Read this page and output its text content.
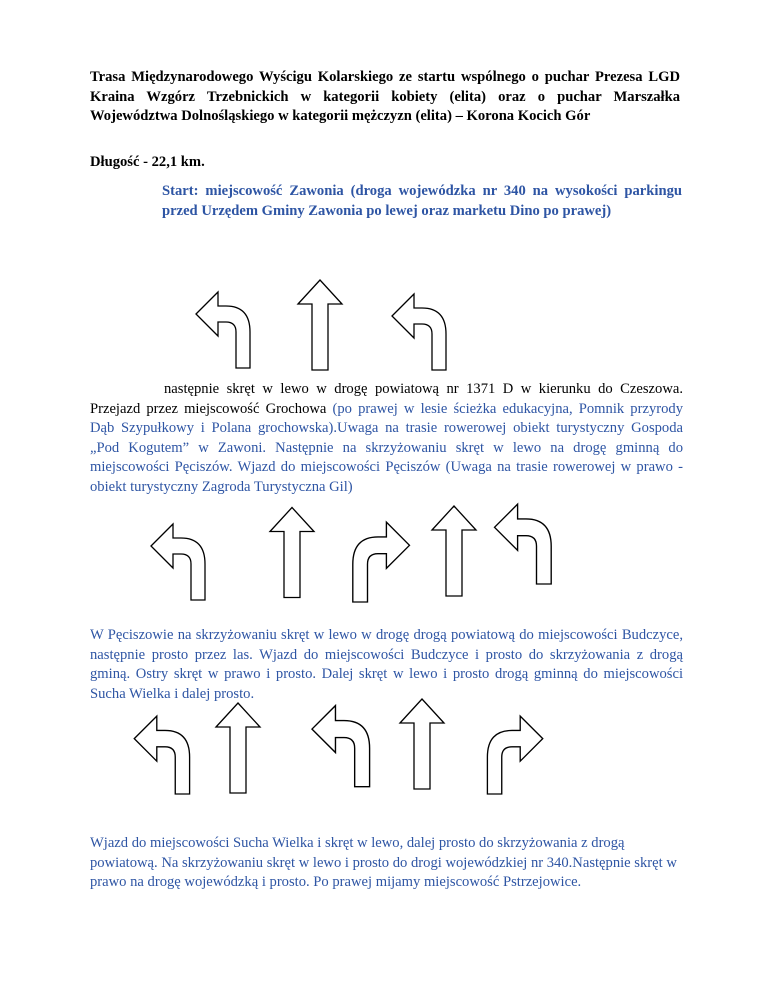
Trasa Międzynarodowego Wyścigu Kolarskiego ze startu wspólnego o puchar Prezesa LGD Kraina Wzgórz Trzebnickich w kategorii kobiety (elita) oraz o puchar Marszałka Województwa Dolnośląskiego w kategorii mężczyzn (elita) – Korona Kocich Gór

Długość - 22,1 km.

Start: miejscowość Zawonia (droga wojewódzka nr 340 na wysokości parkingu przed Urzędem Gminy Zawonia po lewej oraz marketu Dino po prawej)

następnie skręt w lewo w drogę powiatową nr 1371 D w kierunku do Czeszowa. Przejazd przez miejscowość Grochowa (po prawej w lesie ścieżka edukacyjna, Pomnik przyrody Dąb Szypułkowy i Polana grochowska).Uwaga na trasie rowerowej obiekt turystyczny Gospoda „Pod Kogutem” w Zawoni. Następnie na skrzyżowaniu skręt w lewo na drogę gminną do miejscowości Pęciszów. Wjazd do miejscowości Pęciszów (Uwaga na trasie rowerowej w prawo -obiekt turystyczny Zagroda Turystyczna Gil)

W Pęciszowie na skrzyżowaniu skręt w lewo w drogę drogą powiatową do miejscowości Budczyce, następnie prosto przez las. Wjazd do miejscowości Budczyce i prosto do skrzyżowania z drogą gminą. Ostry skręt w prawo i prosto. Dalej skręt w lewo i prosto drogą gminną do miejscowości Sucha Wielka i dalej prosto.

Wjazd do miejscowości Sucha Wielka i skręt w lewo, dalej prosto do skrzyżowania z drogą powiatową. Na skrzyżowaniu skręt w lewo i prosto do drogi wojewódzkiej nr 340.Następnie skręt w prawo na drogę wojewódzką i prosto. Po prawej mijamy miejscowość Pstrzejowice.
